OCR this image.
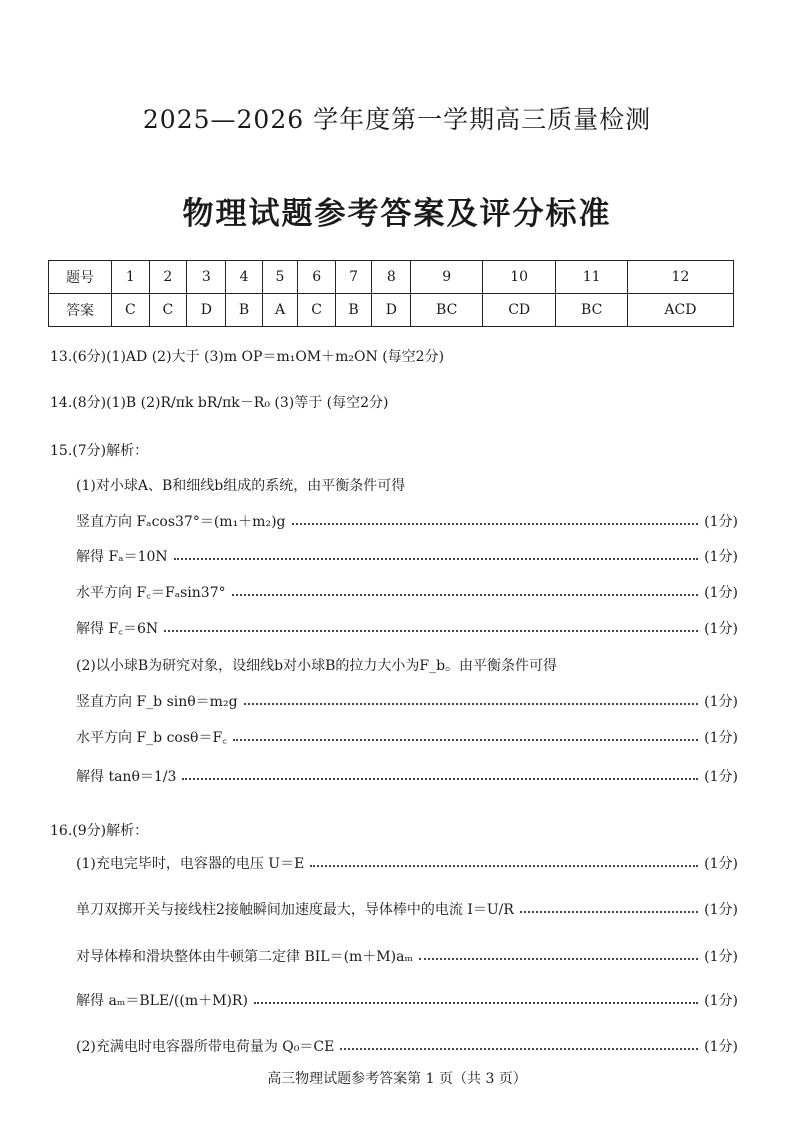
2025—2026 学年度第一学期高三质量检测
物理试题参考答案及评分标准
题号	1	2	3	4	5	6	7	8	9	10	11	12
答案	C	C	D	B	A	C	B	D	BC	CD	BC	ACD
13.(6分)(1)AD (2)大于 (3)m OP＝m₁OM＋m₂ON (每空2分)
14.(8分)(1)B (2)R/πk bR/πk－R₀ (3)等于 (每空2分)
15.(7分)解析：
(1)对小球A、B和细线b组成的系统，由平衡条件可得
竖直方向 Fₐcos37°＝(m₁＋m₂)g	(1分)
解得 Fₐ＝10N	(1分)
水平方向 F꜀＝Fₐsin37°	(1分)
解得 F꜀＝6N	(1分)
(2)以小球B为研究对象，设细线b对小球B的拉力大小为F_b。由平衡条件可得
竖直方向 F_b sinθ＝m₂g	(1分)
水平方向 F_b cosθ＝F꜀	(1分)
解得 tanθ＝1/3	(1分)
16.(9分)解析：
(1)充电完毕时，电容器的电压 U＝E	(1分)
单刀双掷开关与接线柱2接触瞬间加速度最大，导体棒中的电流 I＝U/R	(1分)
对导体棒和滑块整体由牛顿第二定律 BIL＝(m＋M)aₘ	(1分)
解得 aₘ＝BLE/((m＋M)R)	(1分)
(2)充满电时电容器所带电荷量为 Q₀＝CE	(1分)
高三物理试题参考答案第 1 页（共 3 页）
